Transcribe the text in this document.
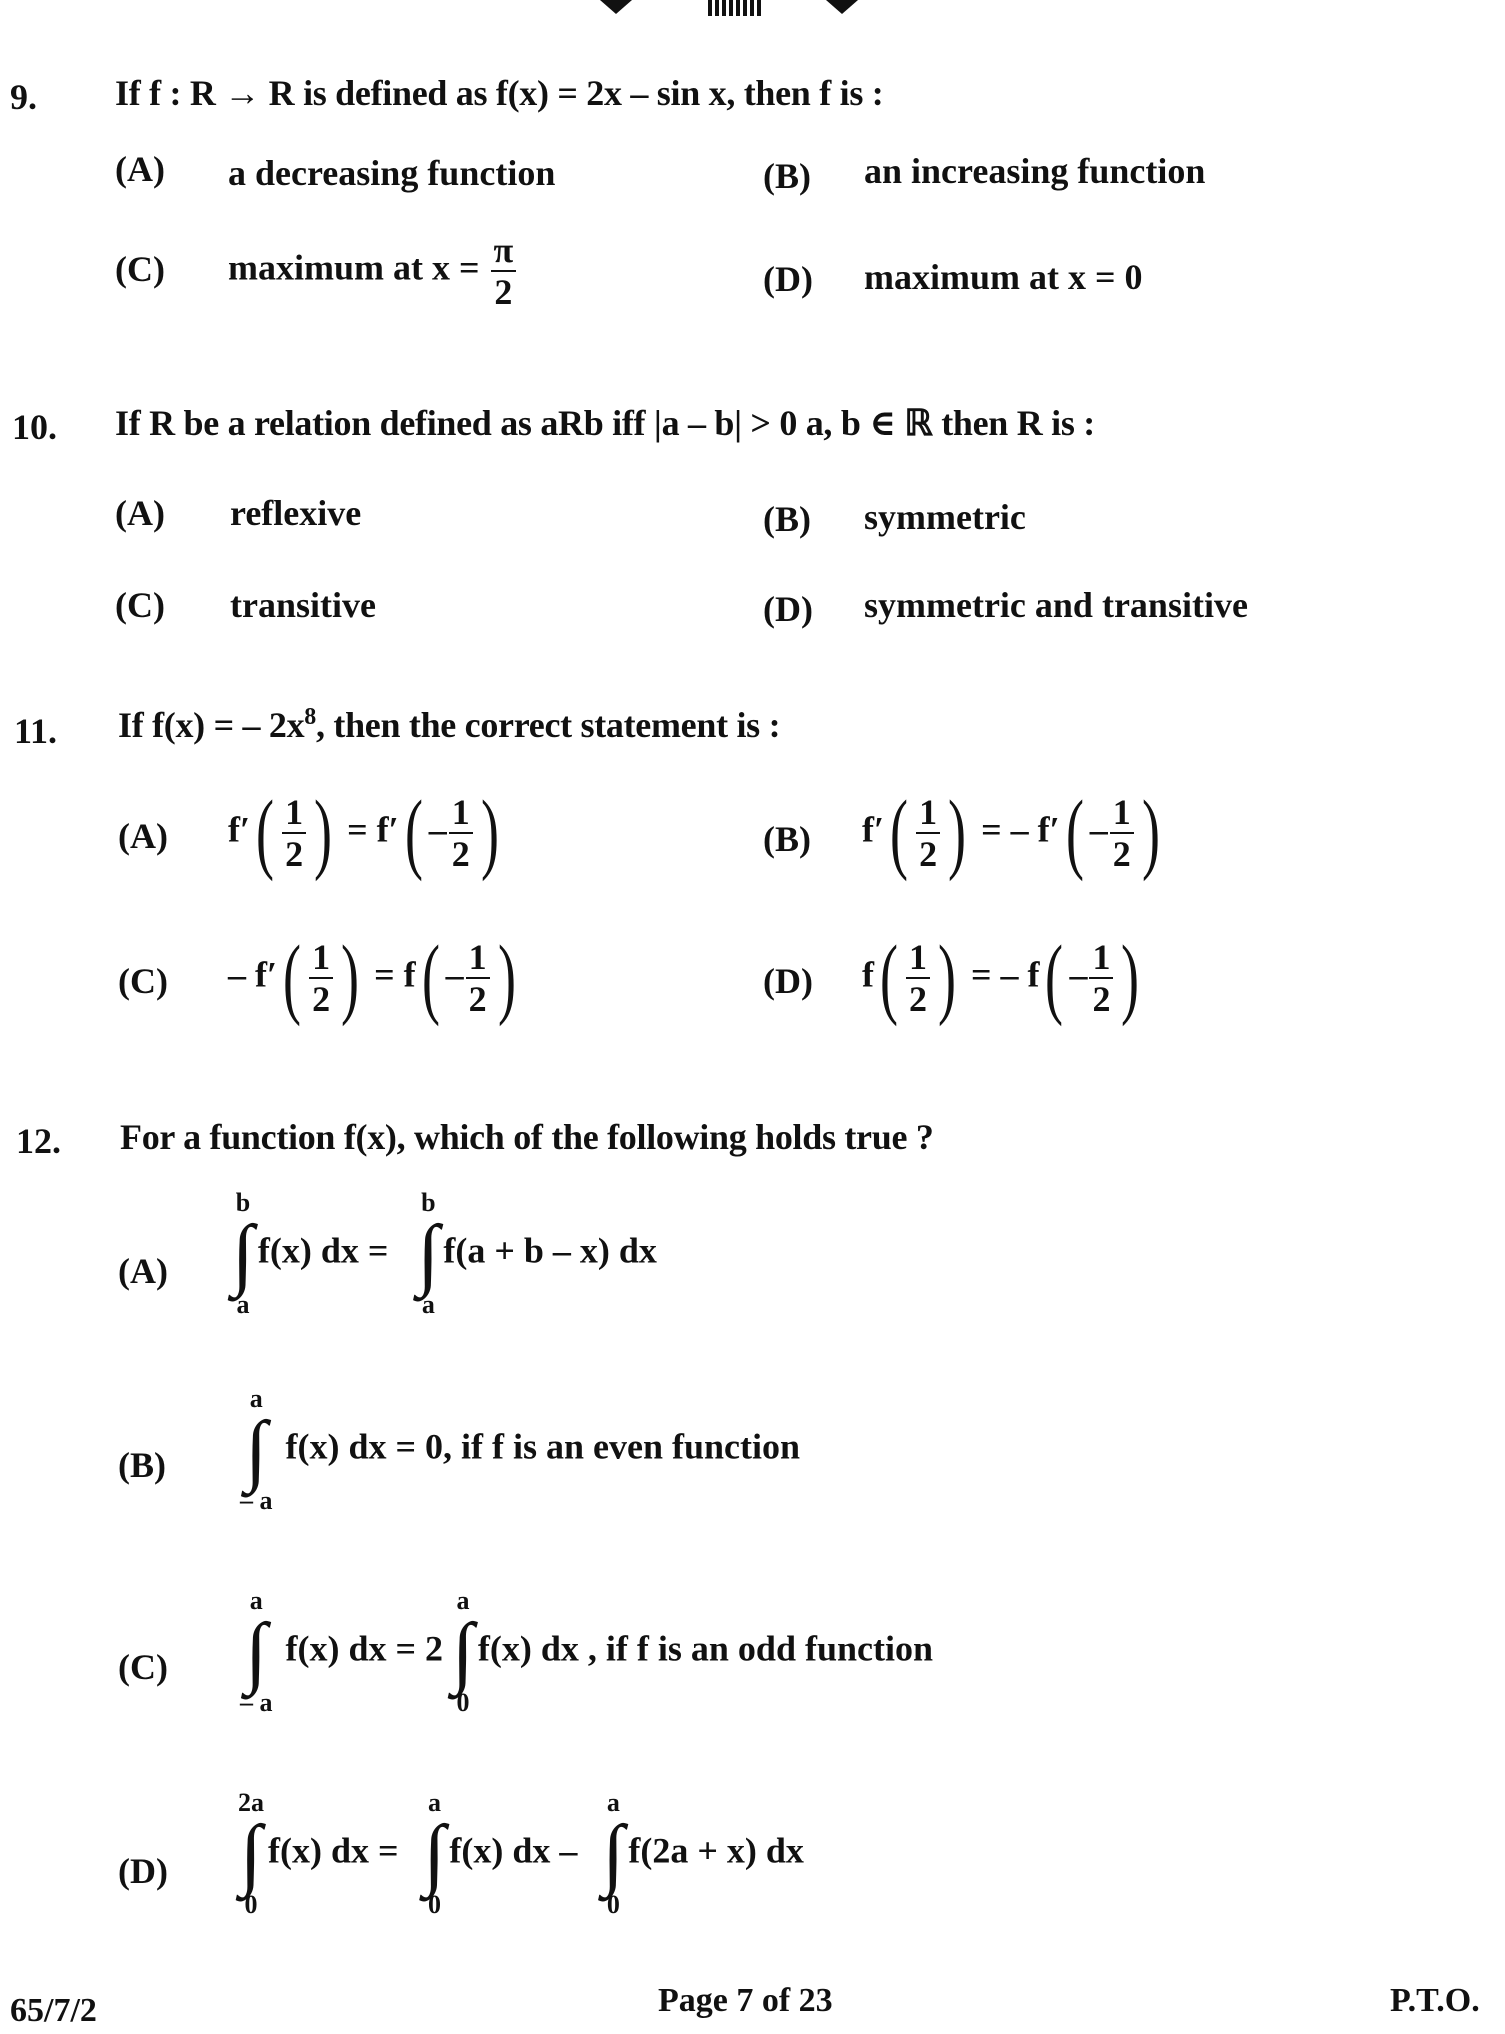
9. If f : R → R is defined as f(x) = 2x – sin x, then f is :
(A) a decreasing function	(B) an increasing function
(C) maximum at $x = \frac{\pi}{2}$	(D) maximum at x = 0
10. If R be a relation defined as aRb iff |a – b| > 0 a, b ∈ ℝ then R is :
(A) reflexive	(B) symmetric
(C) transitive	(D) symmetric and transitive
11. If f(x) = – $2x^8$, then the correct statement is :
(A) $f'( \frac{1}{2}$ ) = $f'( - \frac{1}{2}$ )	(B) $f'( \frac{1}{2}$ ) = – $f'( - \frac{1}{2}$ )
$(C) - f'( \frac{1}{2}$ ) = $f( - \frac{1}{2}$ )	(D) $f( \frac{1}{2}$ ) = – $f( - \frac{1}{2}$ )
12. For a function f(x), which of the following holds true ?
(A)
b
∫
a
f(x) dx =
b
∫
a
f(a + b – x) dx
(B)
a
∫
– a
f(x) dx = 0, if f is an even function
(C)
a
∫
– a
f(x) dx = 2
a
∫
0
f(x) dx , if f is an odd function
(D)
2a
∫
0
f(x) dx =
a
∫
0
f(x) dx –
a
∫
0
f(2a + x) dx
65/7/2	Page 7 of 23	P.T.O.
